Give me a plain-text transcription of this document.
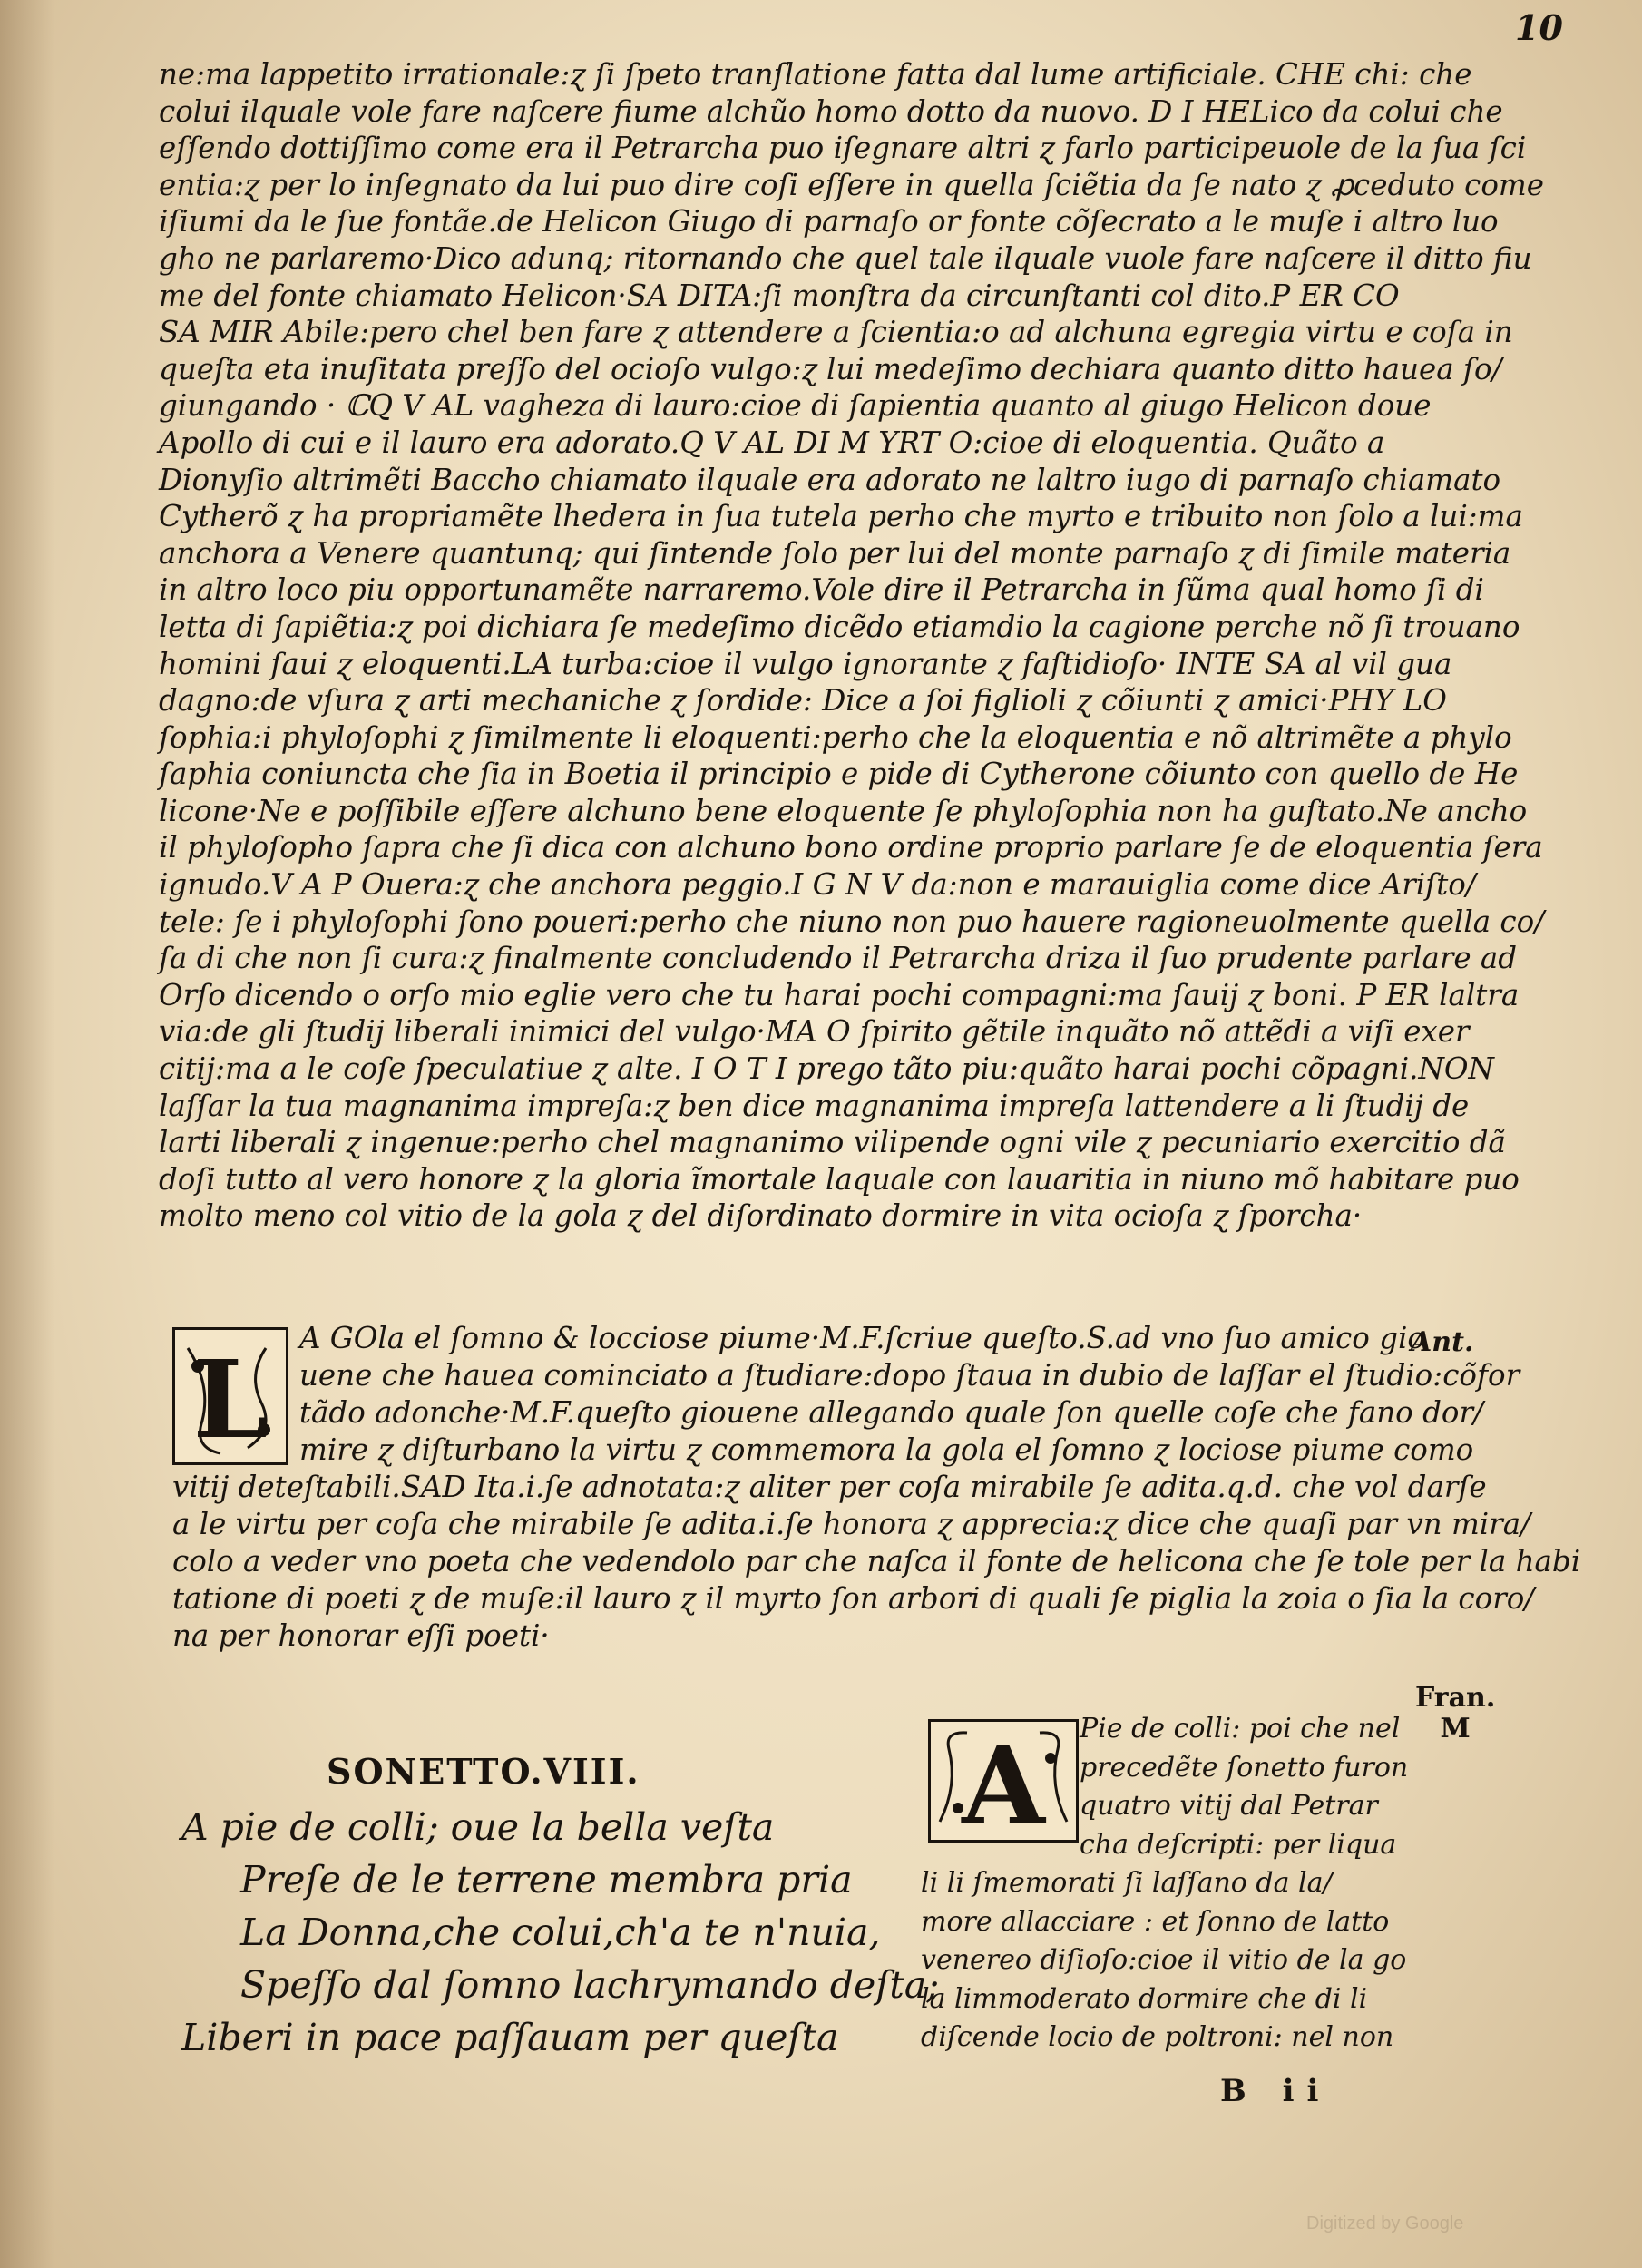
10
ne:ma lappetito irrationale:ɀ ſi ſpeto tranſlatione fatta dal lume artificiale. CHE chi: che
colui ilquale vole fare naſcere fiume alchũo homo dotto da nuovo. D I HELico da colui che
eſſendo dottiſſimo come era il Petrarcha puo iſegnare altri ɀ farlo participeuole de la ſua ſci
entia:ɀ per lo inſegnato da lui puo dire coſi eſſere in quella ſciẽtia da ſe nato ɀ ꝓceduto come
iſiumi da le ſue fontãe.de Helicon Giugo di parnaſo or fonte cõſecrato a le muſe i altro luo
gho ne parlaremo·Dico adunq; ritornando che quel tale ilquale vuole fare naſcere il ditto fiu
me del fonte chiamato Helicon·SA DITA:ſi monſtra da circunſtanti col dito.P ER CO
SA MIR Abile:pero chel ben fare ɀ attendere a ſcientia:o ad alchuna egregia virtu e coſa in
queſta eta inuſitata preſſo del ocioſo vulgo:ɀ lui medeſimo dechiara quanto ditto hauea ſo/
giungando · ℂQ V AL vagheza di lauro:cioe di ſapientia quanto al giugo Helicon doue
Apollo di cui e il lauro era adorato.Q V AL DI M YRT O:cioe di eloquentia. Quãto a
Dionyſio altrimẽti Baccho chiamato ilquale era adorato ne laltro iugo di parnaſo chiamato
Cytherõ ɀ ha propriamẽte lhedera in ſua tutela perho che myrto e tribuito non ſolo a lui:ma
anchora a Venere quantunq; qui ſintende ſolo per lui del monte parnaſo ɀ di ſimile materia
in altro loco piu opportunamẽte narraremo.Vole dire il Petrarcha in ſũma qual homo ſi di
letta di ſapiẽtia:ɀ poi dichiara ſe medeſimo dicẽdo etiamdio la cagione perche nõ ſi trouano
homini ſaui ɀ eloquenti.LA turba:cioe il vulgo ignorante ɀ faſtidioſo· INTE SA al vil gua
dagno:de vſura ɀ arti mechaniche ɀ ſordide: Dice a ſoi figlioli ɀ cõiunti ɀ amici·PHY LO
ſophia:i phyloſophi ɀ ſimilmente li eloquenti:perho che la eloquentia e nõ altrimẽte a phylo
ſaphia coniuncta che ſia in Boetia il principio e pide di Cytherone cõiunto con quello de He
licone·Ne e poſſibile eſſere alchuno bene eloquente ſe phyloſophia non ha guſtato.Ne ancho
il phyloſopho ſapra che ſi dica con alchuno bono ordine proprio parlare ſe de eloquentia ſera
ignudo.V A P Ouera:ɀ che anchora peggio.I G N V da:non e marauiglia come dice Ariſto/
tele: ſe i phyloſophi ſono poueri:perho che niuno non puo hauere ragioneuolmente quella co/
ſa di che non ſi cura:ɀ finalmente concludendo il Petrarcha driza il ſuo prudente parlare ad
Orſo dicendo o orſo mio eglie vero che tu harai pochi compagni:ma ſauij ɀ boni. P ER laltra
via:de gli ſtudij liberali inimici del vulgo·MA O ſpirito gẽtile inquãto nõ attẽdi a viſi exer
citij:ma a le coſe ſpeculatiue ɀ alte. I O T I prego tãto piu:quãto harai pochi cõpagni.NON
laſſar la tua magnanima impreſa:ɀ ben dice magnanima impreſa lattendere a li ſtudij de
larti liberali ɀ ingenue:perho chel magnanimo vilipende ogni vile ɀ pecuniario exercitio dã
doſi tutto al vero honore ɀ la gloria ĩmortale laquale con lauaritia in niuno mõ habitare puo
molto meno col vitio de la gola ɀ del diſordinato dormire in vita ocioſa ɀ ſporcha·
L	A GOla el ſomno & locciose piume·M.F.ſcriue queſto.S.ad vno ſuo amico gio
uene che hauea cominciato a ſtudiare:dopo ſtaua in dubio de laſſar el ſtudio:cõfor
tãdo adonche·M.F.queſto giouene allegando quale ſon quelle coſe che fano dor/
mire ɀ diſturbano la virtu ɀ commemora la gola el ſomno ɀ lociose piume como
vitij deteſtabili.SAD Ita.i.ſe adnotata:ɀ aliter per coſa mirabile ſe adita.q.d. che vol darſe
a le virtu per coſa che mirabile ſe adita.i.ſe honora ɀ apprecia:ɀ dice che quaſi par vn mira/
colo a veder vno poeta che vedendolo par che naſca il fonte de helicona che ſe tole per la habi
tatione di poeti ɀ de muſe:il lauro ɀ il myrto ſon arbori di quali ſe piglia la zoia o ſia la coro/
na per honorar eſſi poeti·
Ant.
SONETTO.VIII.
A pie de colli; oue la bella veſta
Preſe de le terrene membra pria
La Donna,che colui,ch'a te n'nuia,
Speſſo dal ſomno lachrymando deſta;
Liberi in pace paſſauam per queſta
A	Pie de colli: poi che nel
precedẽte ſonetto furon
quatro vitij dal Petrar
cha deſcripti: per liqua
li li ſmemorati ſi laſſano da la/
more allacciare : et ſonno de latto
venereo diſioſo:cioe il vitio de la go
la limmoderato dormire che di li
diſcende locio de poltroni: nel non
Fran.
M
B ii
Digitized by Google
